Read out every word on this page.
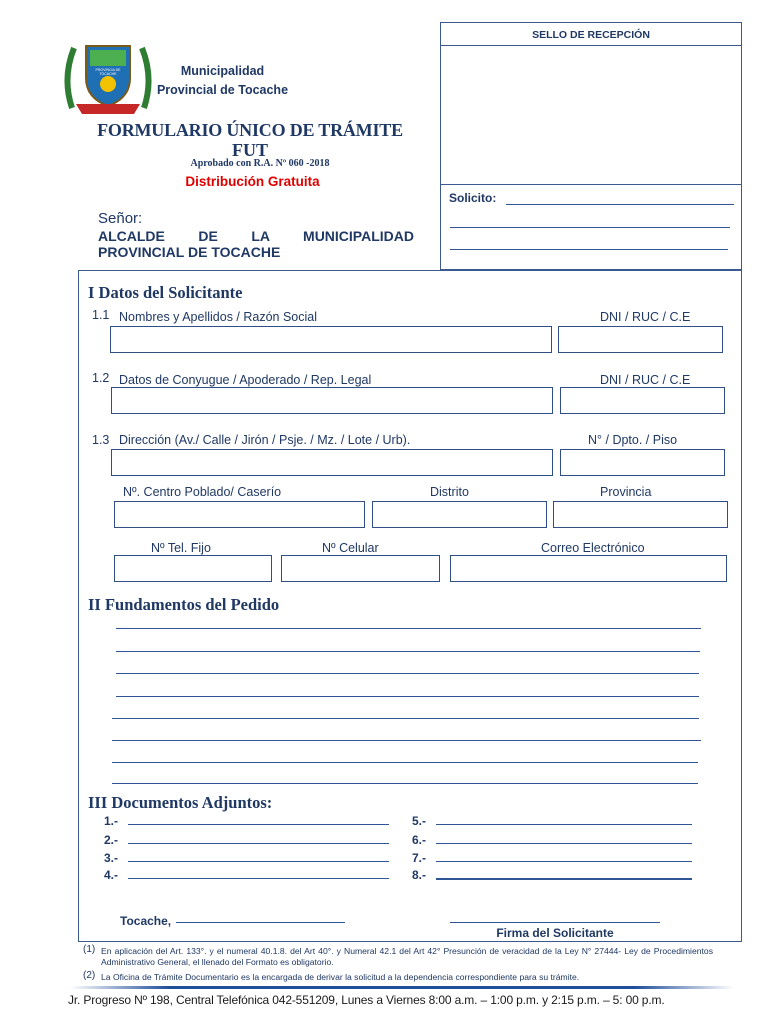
PROVINCIA DE TOCACHE	Municipalidad
Provincial de Tocache
FORMULARIO ÚNICO DE TRÁMITE
FUT
Aprobado con R.A. Nº 060 -2018
Distribución Gratuita
Señor:
ALCALDE DE LA MUNICIPALIDAD
PROVINCIAL DE TOCACHE
SELLO DE RECEPCIÓN
Solicito:
I Datos del Solicitante
1.1 Nombres y Apellidos / Razón Social	DNI / RUC / C.E
1.2 Datos de Conyugue / Apoderado / Rep. Legal	DNI / RUC / C.E
1.3 Dirección (Av./ Calle / Jirón / Psje. / Mz. / Lote / Urb).	N° / Dpto. / Piso
Nº. Centro Poblado/ Caserío	Distrito	Provincia
Nº Tel. Fijo	Nº Celular	Correo Electrónico
II Fundamentos del Pedido
III Documentos Adjuntos:
1.-
2.-
3.-
4.-
5.-
6.-
7.-
8.-
Tocache,
Firma del Solicitante
(1) En aplicación del Art. 133°. y el numeral 40.1.8. del Art 40°. y Numeral 42.1 del Art 42° Presunción de veracidad de la Ley N° 27444- Ley de Procedimientos Administrativo General, el llenado del Formato es obligatorio.
(2) La Oficina de Trámite Documentario es la encargada de derivar la solicitud a la dependencia correspondiente para su trámite.
Jr. Progreso Nº 198, Central Telefónica 042-551209, Lunes a Viernes 8:00 a.m. – 1:00 p.m. y 2:15 p.m. – 5: 00 p.m.
